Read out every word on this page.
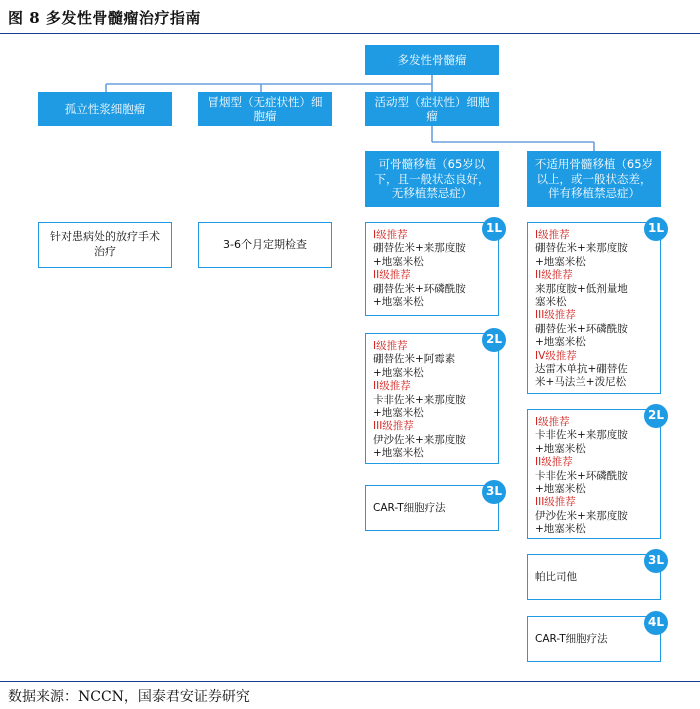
图 8 多发性骨髓瘤治疗指南
多发性骨髓瘤
孤立性浆细胞瘤
冒烟型（无症状性）细胞瘤
活动型（症状性）细胞瘤
可骨髓移植（65岁以下，且一般状态良好，无移植禁忌症）
不适用骨髓移植（65岁以上，或一般状态差，伴有移植禁忌症）
针对患病处的放疗手术治疗
3-6个月定期检查
I级推荐
硼替佐米+来那度胺+地塞米松
II级推荐
硼替佐米+环磷酰胺+地塞米松
1L
I级推荐
硼替佐米+阿霉素+地塞米松
II级推荐
卡非佐米+来那度胺+地塞米松
III级推荐
伊沙佐米+来那度胺+地塞米松
2L
CAR-T细胞疗法
3L
I级推荐
硼替佐米+来那度胺+地塞米松
II级推荐
来那度胺+低剂量地塞米松
III级推荐
硼替佐米+环磷酰胺+地塞米松
IV级推荐
达雷木单抗+硼替佐米+马法兰+泼尼松
1L
I级推荐
卡非佐米+来那度胺+地塞米松
II级推荐
卡非佐米+环磷酰胺+地塞米松
III级推荐
伊沙佐米+来那度胺+地塞米松
2L
帕比司他
3L
CAR-T细胞疗法
4L
数据来源：NCCN，国泰君安证券研究
